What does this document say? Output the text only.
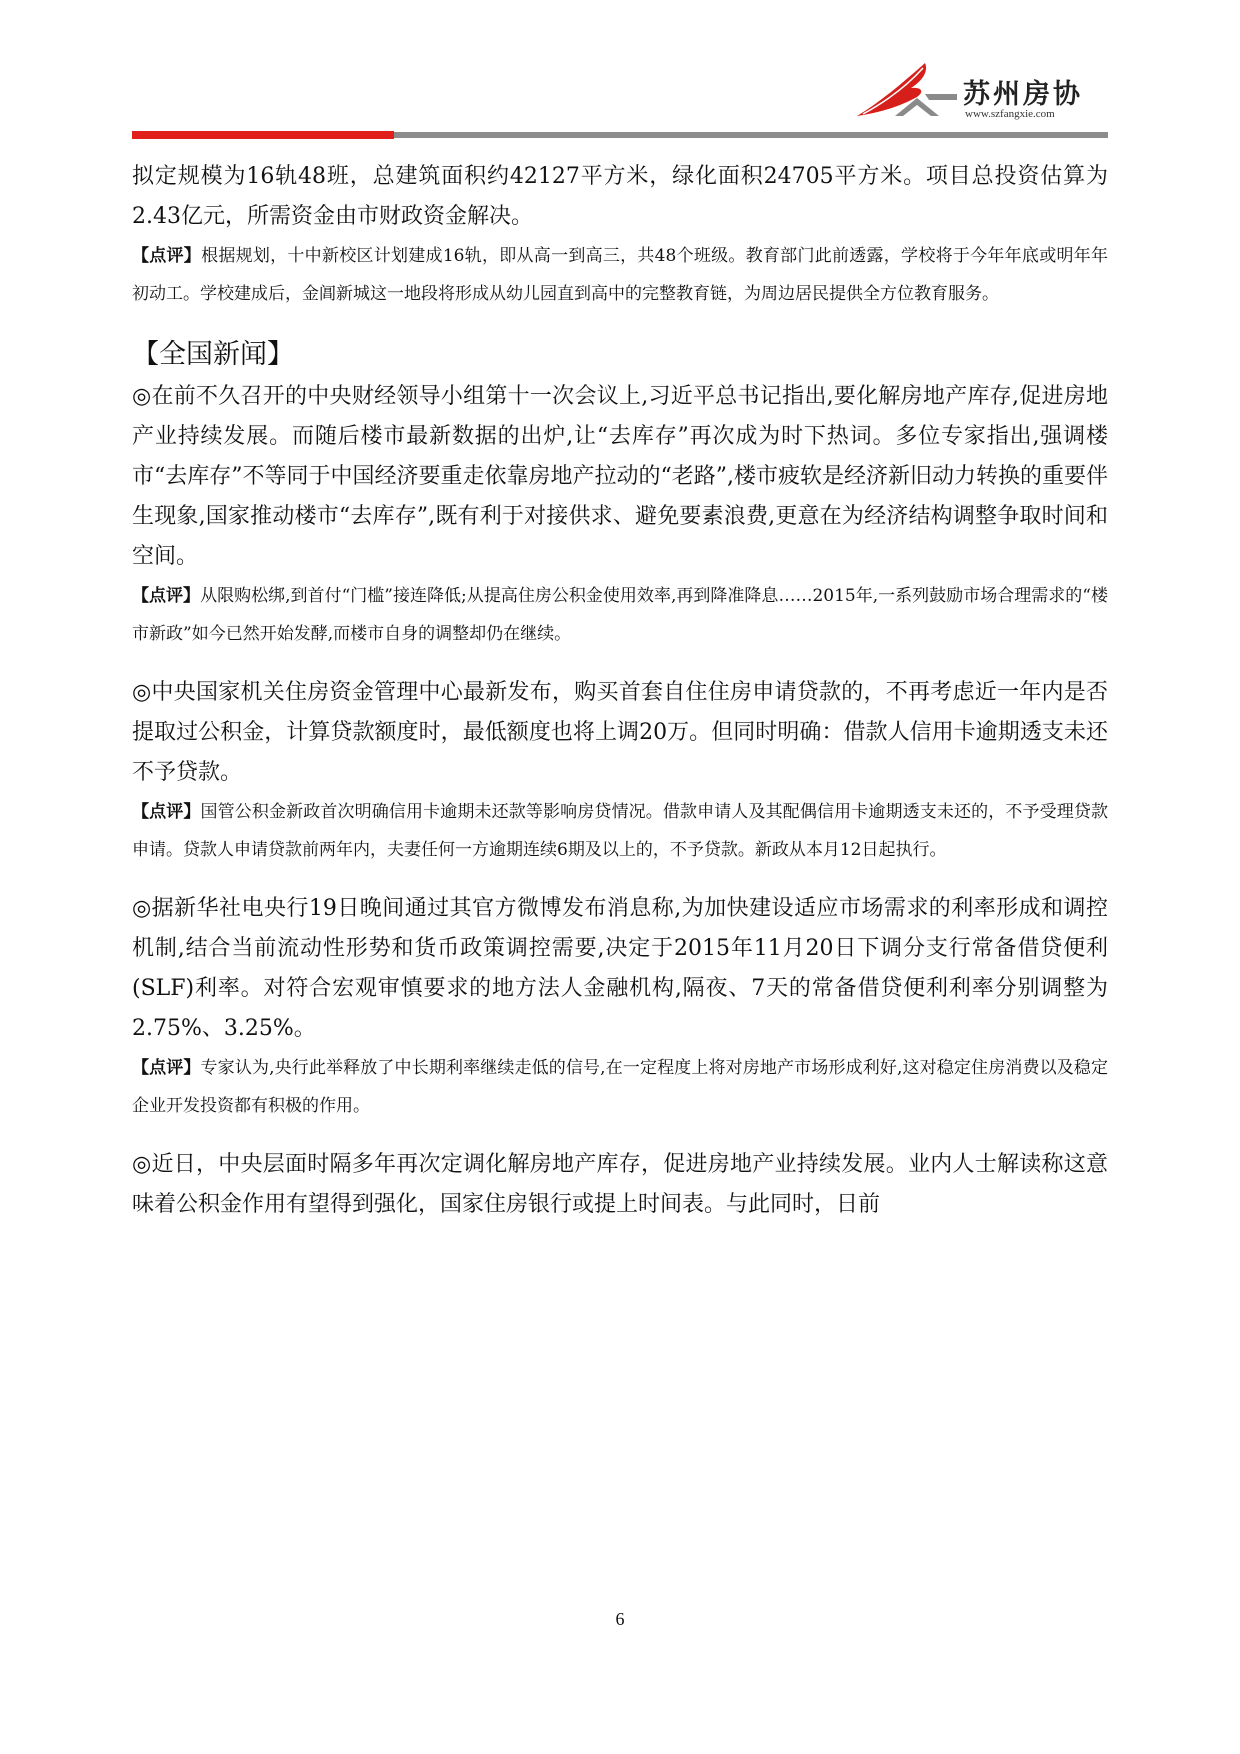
苏州房协
www.szfangxie.com

拟定规模为16轨48班，总建筑面积约42127平方米，绿化面积24705平方米。项目总投资估算为2.43亿元，所需资金由市财政资金解决。

【点评】根据规划，十中新校区计划建成16轨，即从高一到高三，共48个班级。教育部门此前透露，学校将于今年年底或明年年初动工。学校建成后，金阊新城这一地段将形成从幼儿园直到高中的完整教育链，为周边居民提供全方位教育服务。

【全国新闻】

◎在前不久召开的中央财经领导小组第十一次会议上,习近平总书记指出,要化解房地产库存,促进房地产业持续发展。而随后楼市最新数据的出炉,让“去库存”再次成为时下热词。多位专家指出,强调楼市“去库存”不等同于中国经济要重走依靠房地产拉动的“老路”,楼市疲软是经济新旧动力转换的重要伴生现象,国家推动楼市“去库存”,既有利于对接供求、避免要素浪费,更意在为经济结构调整争取时间和空间。

【点评】从限购松绑,到首付“门槛”接连降低;从提高住房公积金使用效率,再到降准降息……2015年,一系列鼓励市场合理需求的“楼市新政”如今已然开始发酵,而楼市自身的调整却仍在继续。

◎中央国家机关住房资金管理中心最新发布，购买首套自住住房申请贷款的，不再考虑近一年内是否提取过公积金，计算贷款额度时，最低额度也将上调20万。但同时明确：借款人信用卡逾期透支未还不予贷款。

【点评】国管公积金新政首次明确信用卡逾期未还款等影响房贷情况。借款申请人及其配偶信用卡逾期透支未还的，不予受理贷款申请。贷款人申请贷款前两年内，夫妻任何一方逾期连续6期及以上的，不予贷款。新政从本月12日起执行。

◎据新华社电央行19日晚间通过其官方微博发布消息称,为加快建设适应市场需求的利率形成和调控机制,结合当前流动性形势和货币政策调控需要,决定于2015年11月20日下调分支行常备借贷便利(SLF)利率。对符合宏观审慎要求的地方法人金融机构,隔夜、7天的常备借贷便利利率分别调整为2.75%、3.25%。

【点评】专家认为,央行此举释放了中长期利率继续走低的信号,在一定程度上将对房地产市场形成利好,这对稳定住房消费以及稳定企业开发投资都有积极的作用。

◎近日，中央层面时隔多年再次定调化解房地产库存，促进房地产业持续发展。业内人士解读称这意味着公积金作用有望得到强化，国家住房银行或提上时间表。与此同时，日前

6
